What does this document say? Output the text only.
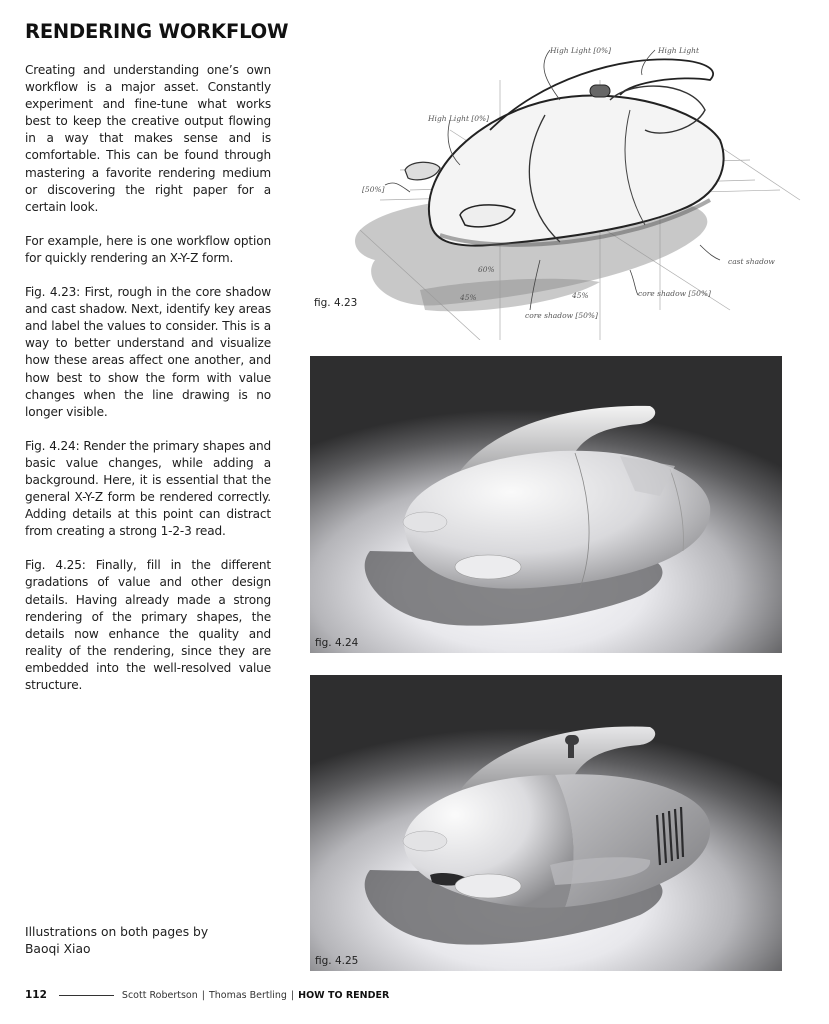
RENDERING WORKFLOW

Creating and understanding one’s own workflow is a major asset. Constantly experiment and fine-tune what works best to keep the creative output flowing in a way that makes sense and is comfortable. This can be found through mastering a favorite rendering medium or discovering the right paper for a certain look.

For example, here is one workflow option for quickly rendering an X-Y-Z form.

Fig. 4.23: First, rough in the core shadow and cast shadow. Next, identify key areas and label the values to consider. This is a way to better understand and visualize how these areas affect one another, and how best to show the form with value changes when the line drawing is no longer visible.

Fig. 4.24: Render the primary shapes and basic value changes, while adding a background. Here, it is essential that the general X-Y-Z form be rendered correctly. Adding details at this point can distract from creating a strong 1-2-3 read.

Fig. 4.25: Finally, fill in the different gradations of value and other design details. Having already made a strong rendering of the primary shapes, the details now enhance the quality and reality of the rendering, since they are embedded into the well-resolved value structure.

High Light [0%]	High Light
High Light [0%]
[50%]
cast shadow
core shadow [50%]
core shadow [50%]
45%	45%
60%
fig. 4.23
fig. 4.24
fig. 4.25
Illustrations on both pages by
Baoqi Xiao
112	Scott Robertson | Thomas Bertling | HOW TO RENDER
